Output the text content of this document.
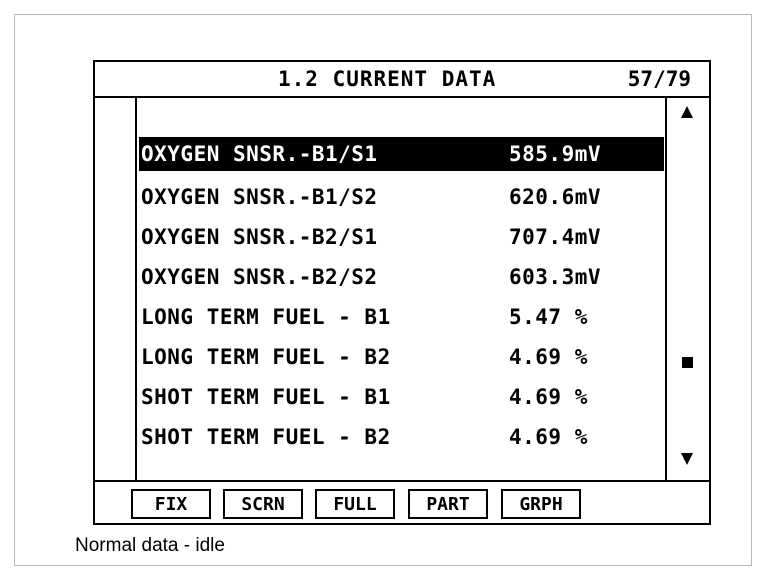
1.2 CURRENT DATA	57/79
OXYGEN SNSR.-B1/S1	585.9mV
OXYGEN SNSR.-B1/S2	620.6mV
OXYGEN SNSR.-B2/S1	707.4mV
OXYGEN SNSR.-B2/S2	603.3mV
LONG TERM FUEL - B1	5.47 %
LONG TERM FUEL - B2	4.69 %
SHOT TERM FUEL - B1	4.69 %
SHOT TERM FUEL - B2	4.69 %
FIX	SCRN	FULL	PART	GRPH
Normal data - idle
